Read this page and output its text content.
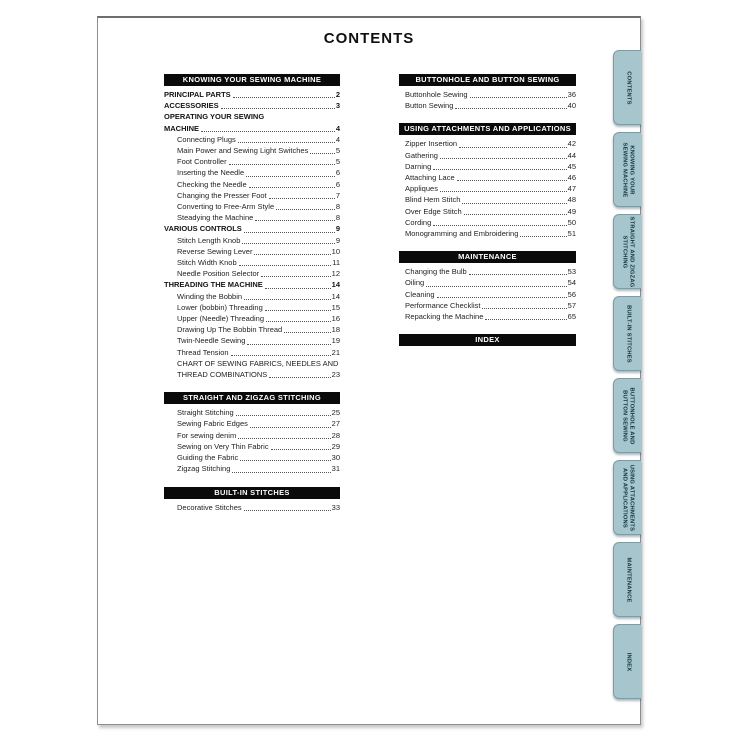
CONTENTS
KNOWING YOUR SEWING MACHINE
PRINCIPAL PARTS	2
ACCESSORIES	3
OPERATING YOUR SEWING
MACHINE	4
Connecting Plugs	4
Main Power and Sewing Light Switches	5
Foot Controller	5
Inserting the Needle	6
Checking the Needle	6
Changing the Presser Foot	7
Converting to Free-Arm Style	8
Steadying the Machine	8
VARIOUS CONTROLS	9
Stitch Length Knob	9
Reverse Sewing Lever	10
Stitch Width Knob	11
Needle Position Selector	12
THREADING THE MACHINE	14
Winding the Bobbin	14
Lower (bobbin) Threading	15
Upper (Needle) Threading	16
Drawing Up The Bobbin Thread	18
Twin-Needle Sewing	19
Thread Tension	21
CHART OF SEWING FABRICS, NEEDLES AND
THREAD COMBINATIONS	23
STRAIGHT AND ZIGZAG STITCHING
Straight Stitching	25
Sewing Fabric Edges	27
For sewing denim	28
Sewing on Very Thin Fabric	29
Guiding the Fabric	30
Zigzag Stitching	31
BUILT-IN STITCHES
Decorative Stitches	33
BUTTONHOLE AND BUTTON SEWING
Buttonhole Sewing	36
Button Sewing	40
USING ATTACHMENTS AND APPLICATIONS
Zipper Insertion	42
Gathering	44
Darning	45
Attaching Lace	46
Appliques	47
Blind Hem Stitch	48
Over Edge Stitch	49
Cording	50
Monogramming and Embroidering	51
MAINTENANCE
Changing the Bulb	53
Oiling	54
Cleaning	56
Performance Checklist	57
Repacking the Machine	65
INDEX
CONTENTS
KNOWING YOUR
SEWING MACHINE
STRAIGHT AND ZIGZAG
STITCHING
BUILT-IN STITCHES
BUTTONHOLE AND
BUTTON SEWING
USING ATTACHMENTS
AND APPLICATIONS
MAINTENANCE
INDEX
